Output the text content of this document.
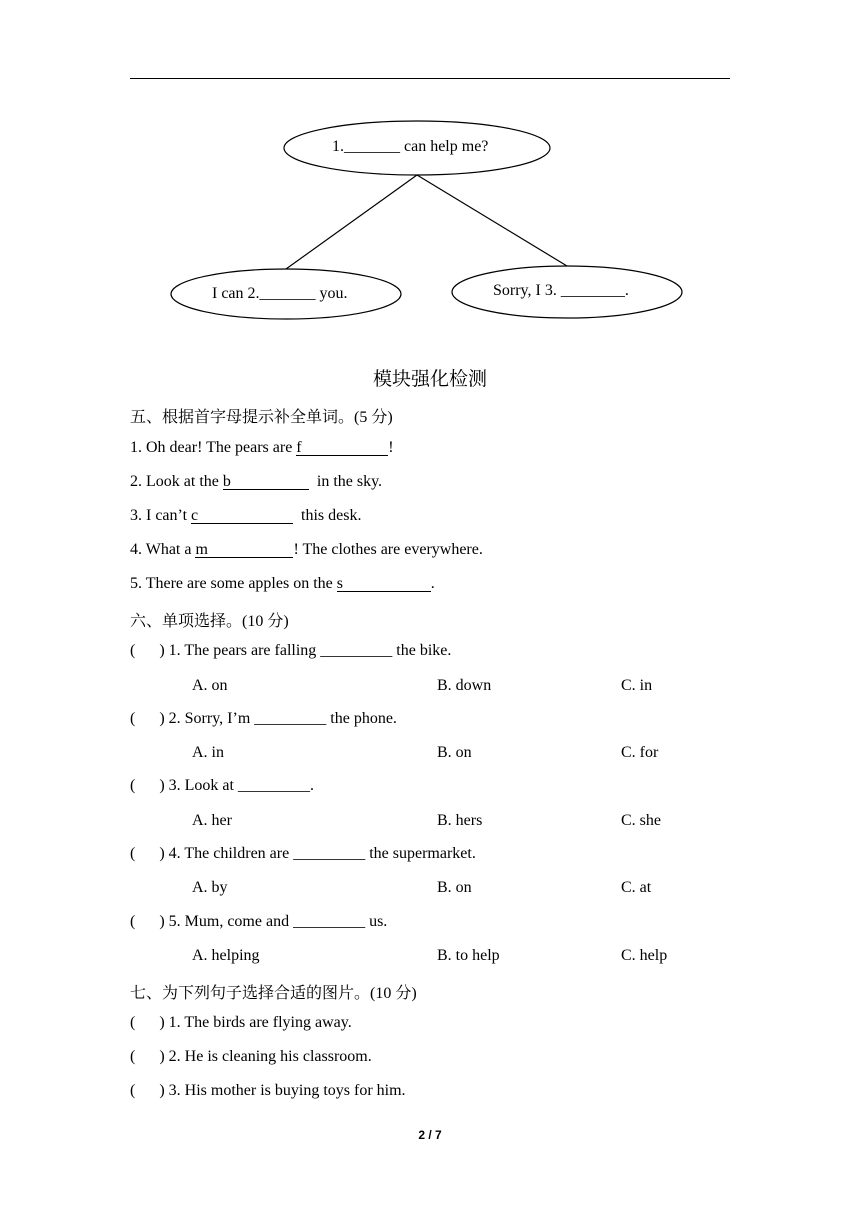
1._______ can help me?
I can 2._______ you.	Sorry, I 3. ________.
模块强化检测
五、根据首字母提示补全单词。(5 分)
1. Oh dear! The pears are f	!
2. Look at the b	in the sky.
3. I can’t c	this desk.
4. What a m	! The clothes are everywhere.
5. There are some apples on the s	.
六、单项选择。(10 分)
(      ) 1. The pears are falling _________ the bike.
A. on	B. down	C. in
(      ) 2. Sorry, I’m _________ the phone.
A. in	B. on	C. for
(      ) 3. Look at _________.
A. her	B. hers	C. she
(      ) 4. The children are _________ the supermarket.
A. by	B. on	C. at
(      ) 5. Mum, come and _________ us.
A. helping	B. to help	C. help
七、为下列句子选择合适的图片。(10 分)
(      ) 1. The birds are flying away.
(      ) 2. He is cleaning his classroom.
(      ) 3. His mother is buying toys for him.
2 / 7
